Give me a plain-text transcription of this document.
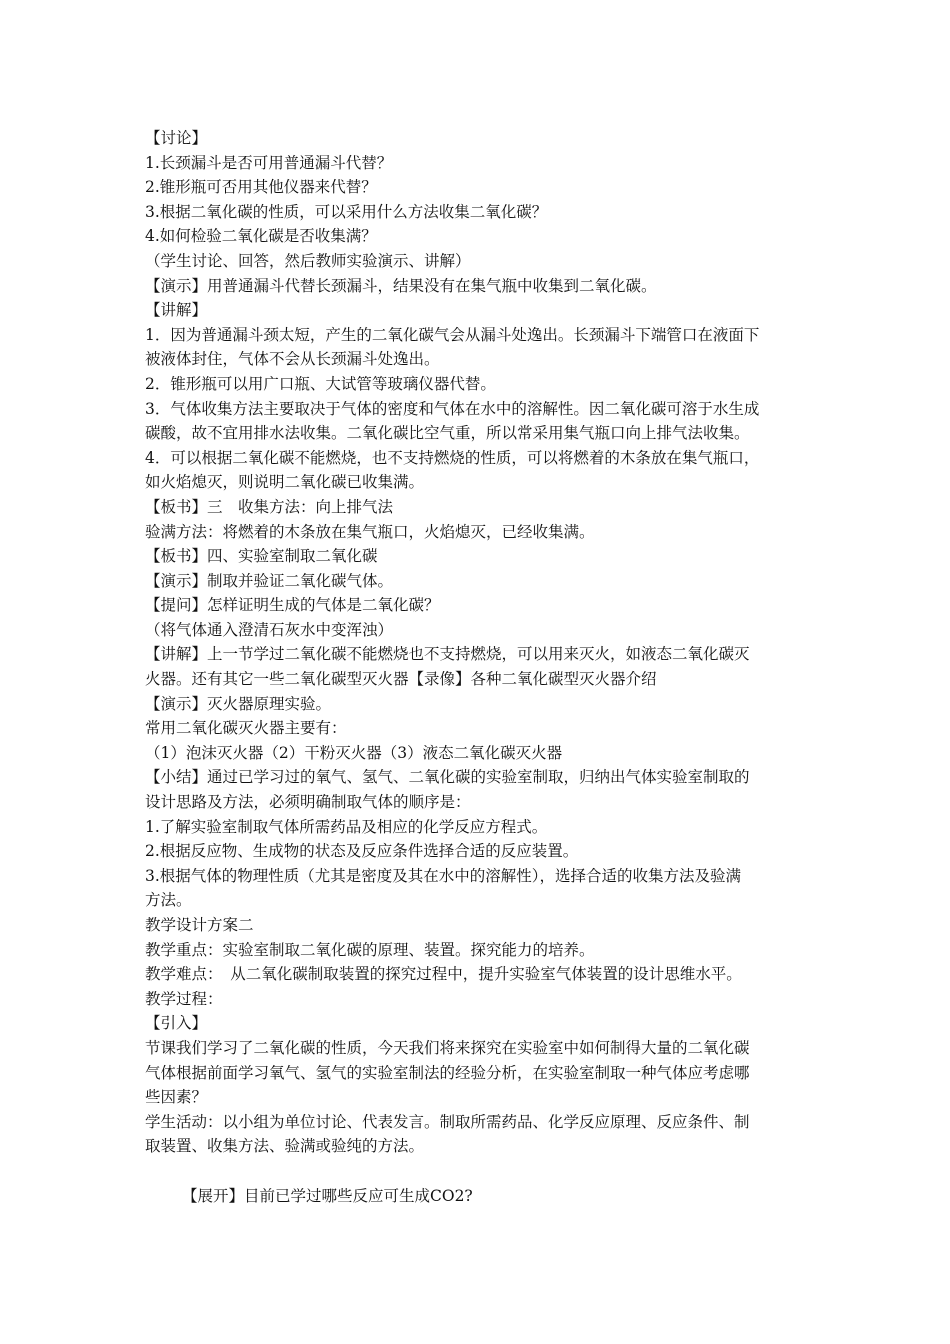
【讨论】
1.长颈漏斗是否可用普通漏斗代替？
2.锥形瓶可否用其他仪器来代替？
3.根据二氧化碳的性质，可以采用什么方法收集二氧化碳？
4.如何检验二氧化碳是否收集满？
（学生讨论、回答，然后教师实验演示、讲解）
【演示】用普通漏斗代替长颈漏斗，结果没有在集气瓶中收集到二氧化碳。
【讲解】
1．因为普通漏斗颈太短，产生的二氧化碳气会从漏斗处逸出。长颈漏斗下端管口在液面下
被液体封住，气体不会从长颈漏斗处逸出。
2．锥形瓶可以用广口瓶、大试管等玻璃仪器代替。
3．气体收集方法主要取决于气体的密度和气体在水中的溶解性。因二氧化碳可溶于水生成
碳酸，故不宜用排水法收集。二氧化碳比空气重，所以常采用集气瓶口向上排气法收集。
4．可以根据二氧化碳不能燃烧，也不支持燃烧的性质，可以将燃着的木条放在集气瓶口，
如火焰熄灭，则说明二氧化碳已收集满。
【板书】三　收集方法：向上排气法
验满方法：将燃着的木条放在集气瓶口，火焰熄灭，已经收集满。
【板书】四、实验室制取二氧化碳
【演示】制取并验证二氧化碳气体。
【提问】怎样证明生成的气体是二氧化碳？
（将气体通入澄清石灰水中变浑浊）
【讲解】上一节学过二氧化碳不能燃烧也不支持燃烧，可以用来灭火，如液态二氧化碳灭
火器。还有其它一些二氧化碳型灭火器【录像】各种二氧化碳型灭火器介绍
【演示】灭火器原理实验。
常用二氧化碳灭火器主要有：
（1）泡沫灭火器（2）干粉灭火器（3）液态二氧化碳灭火器
【小结】通过已学习过的氧气、氢气、二氧化碳的实验室制取，归纳出气体实验室制取的
设计思路及方法，必须明确制取气体的顺序是：
1.了解实验室制取气体所需药品及相应的化学反应方程式。
2.根据反应物、生成物的状态及反应条件选择合适的反应装置。
3.根据气体的物理性质（尤其是密度及其在水中的溶解性），选择合适的收集方法及验满
方法。
教学设计方案二
教学重点：实验室制取二氧化碳的原理、装置。探究能力的培养。
教学难点：　从二氧化碳制取装置的探究过程中，提升实验室气体装置的设计思维水平。
教学过程：
【引入】
节课我们学习了二氧化碳的性质，今天我们将来探究在实验室中如何制得大量的二氧化碳
气体根据前面学习氧气、氢气的实验室制法的经验分析，在实验室制取一种气体应考虑哪
些因素？
学生活动：以小组为单位讨论、代表发言。制取所需药品、化学反应原理、反应条件、制
取装置、收集方法、验满或验纯的方法。
【展开】目前已学过哪些反应可生成CO2?
